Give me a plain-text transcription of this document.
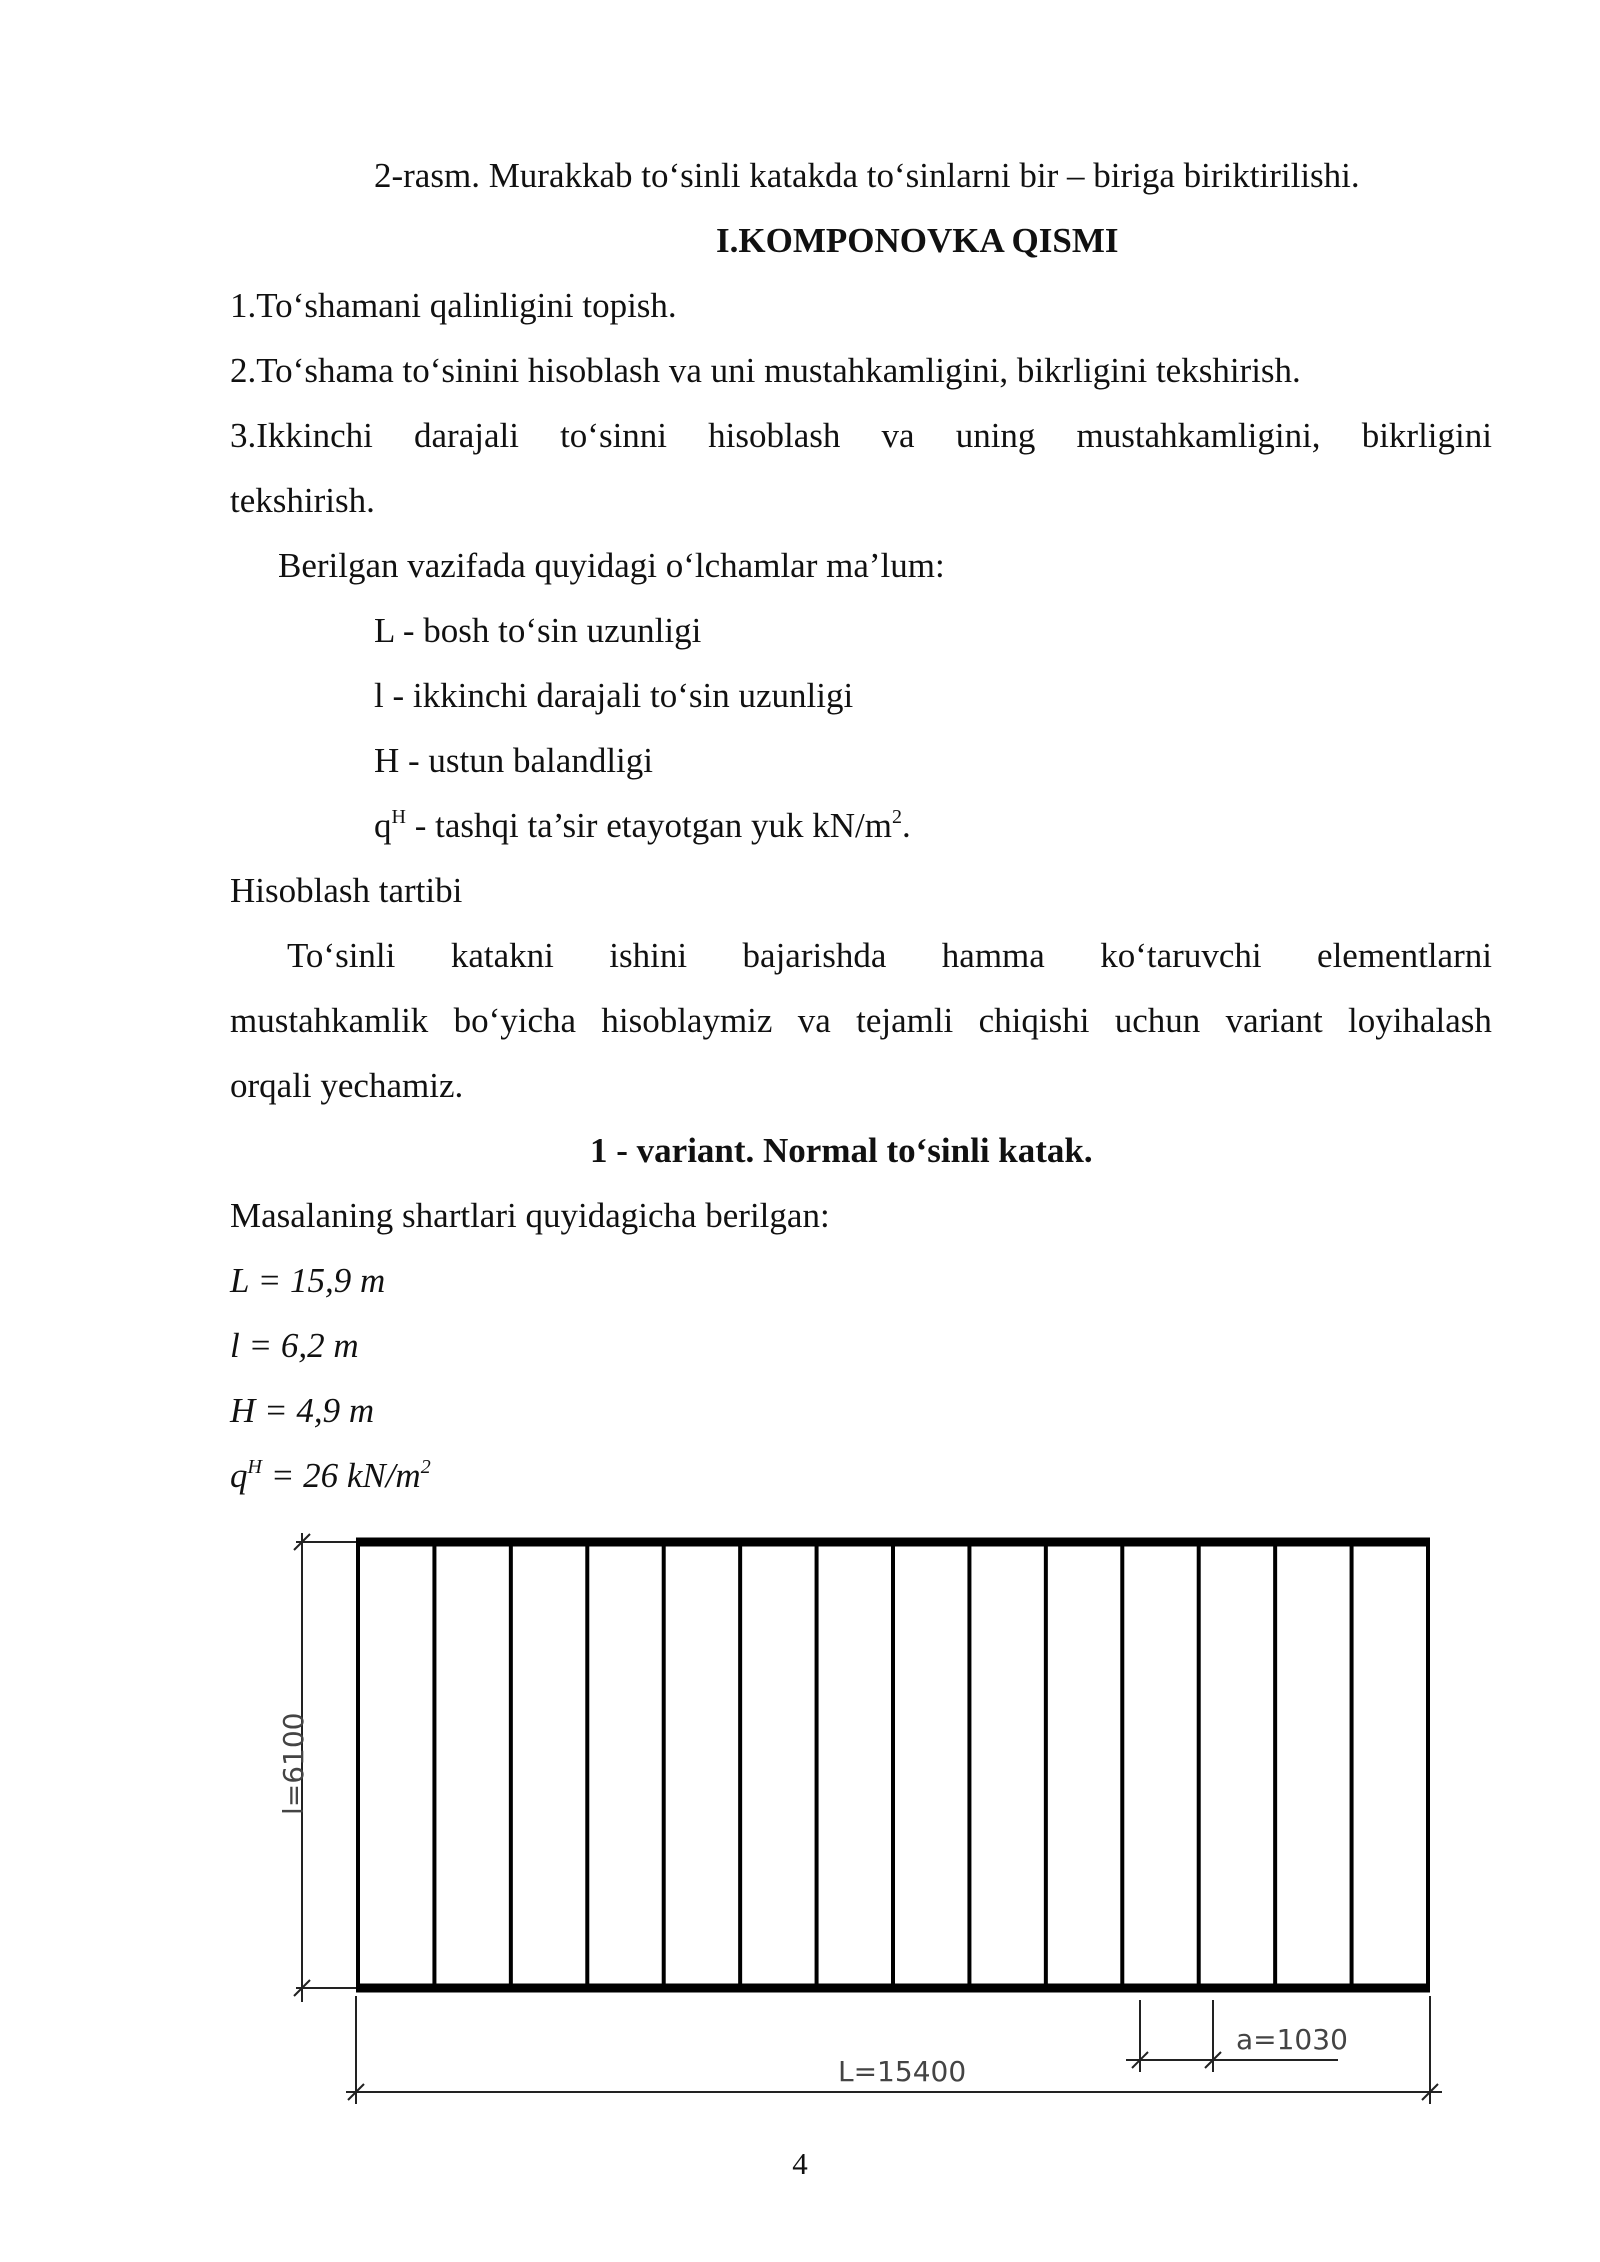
2-rasm. Murakkab to‘sinli katakda to‘sinlarni bir – biriga biriktirilishi.
I.KOMPONOVKA QISMI
1.To‘shamani qalinligini topish.
2.To‘shama to‘sinini hisoblash va uni mustahkamligini, bikrligini tekshirish.
3.Ikkinchi darajali to‘sinni hisoblash va uning mustahkamligini, bikrligini
tekshirish.
Berilgan vazifada quyidagi o‘lchamlar ma’lum:
L - bosh to‘sin uzunligi
l - ikkinchi darajali to‘sin uzunligi
H - ustun balandligi
$q^H$ - tashqi ta’sir etayotgan yuk $kN/m^2$.
Hisoblash tartibi
To‘sinli katakni ishini bajarishda hamma ko‘taruvchi elementlarni
mustahkamlik bo‘yicha hisoblaymiz va tejamli chiqishi uchun variant loyihalash
orqali yechamiz.
1 - variant. Normal to‘sinli katak.
Masalaning shartlari quyidagicha berilgan:
L = 15,9 m
l = 6,2 m
H = 4,9 m
$q^H = 26$ $kN/m^2$
l=6100
L=15400
a=1030
4
